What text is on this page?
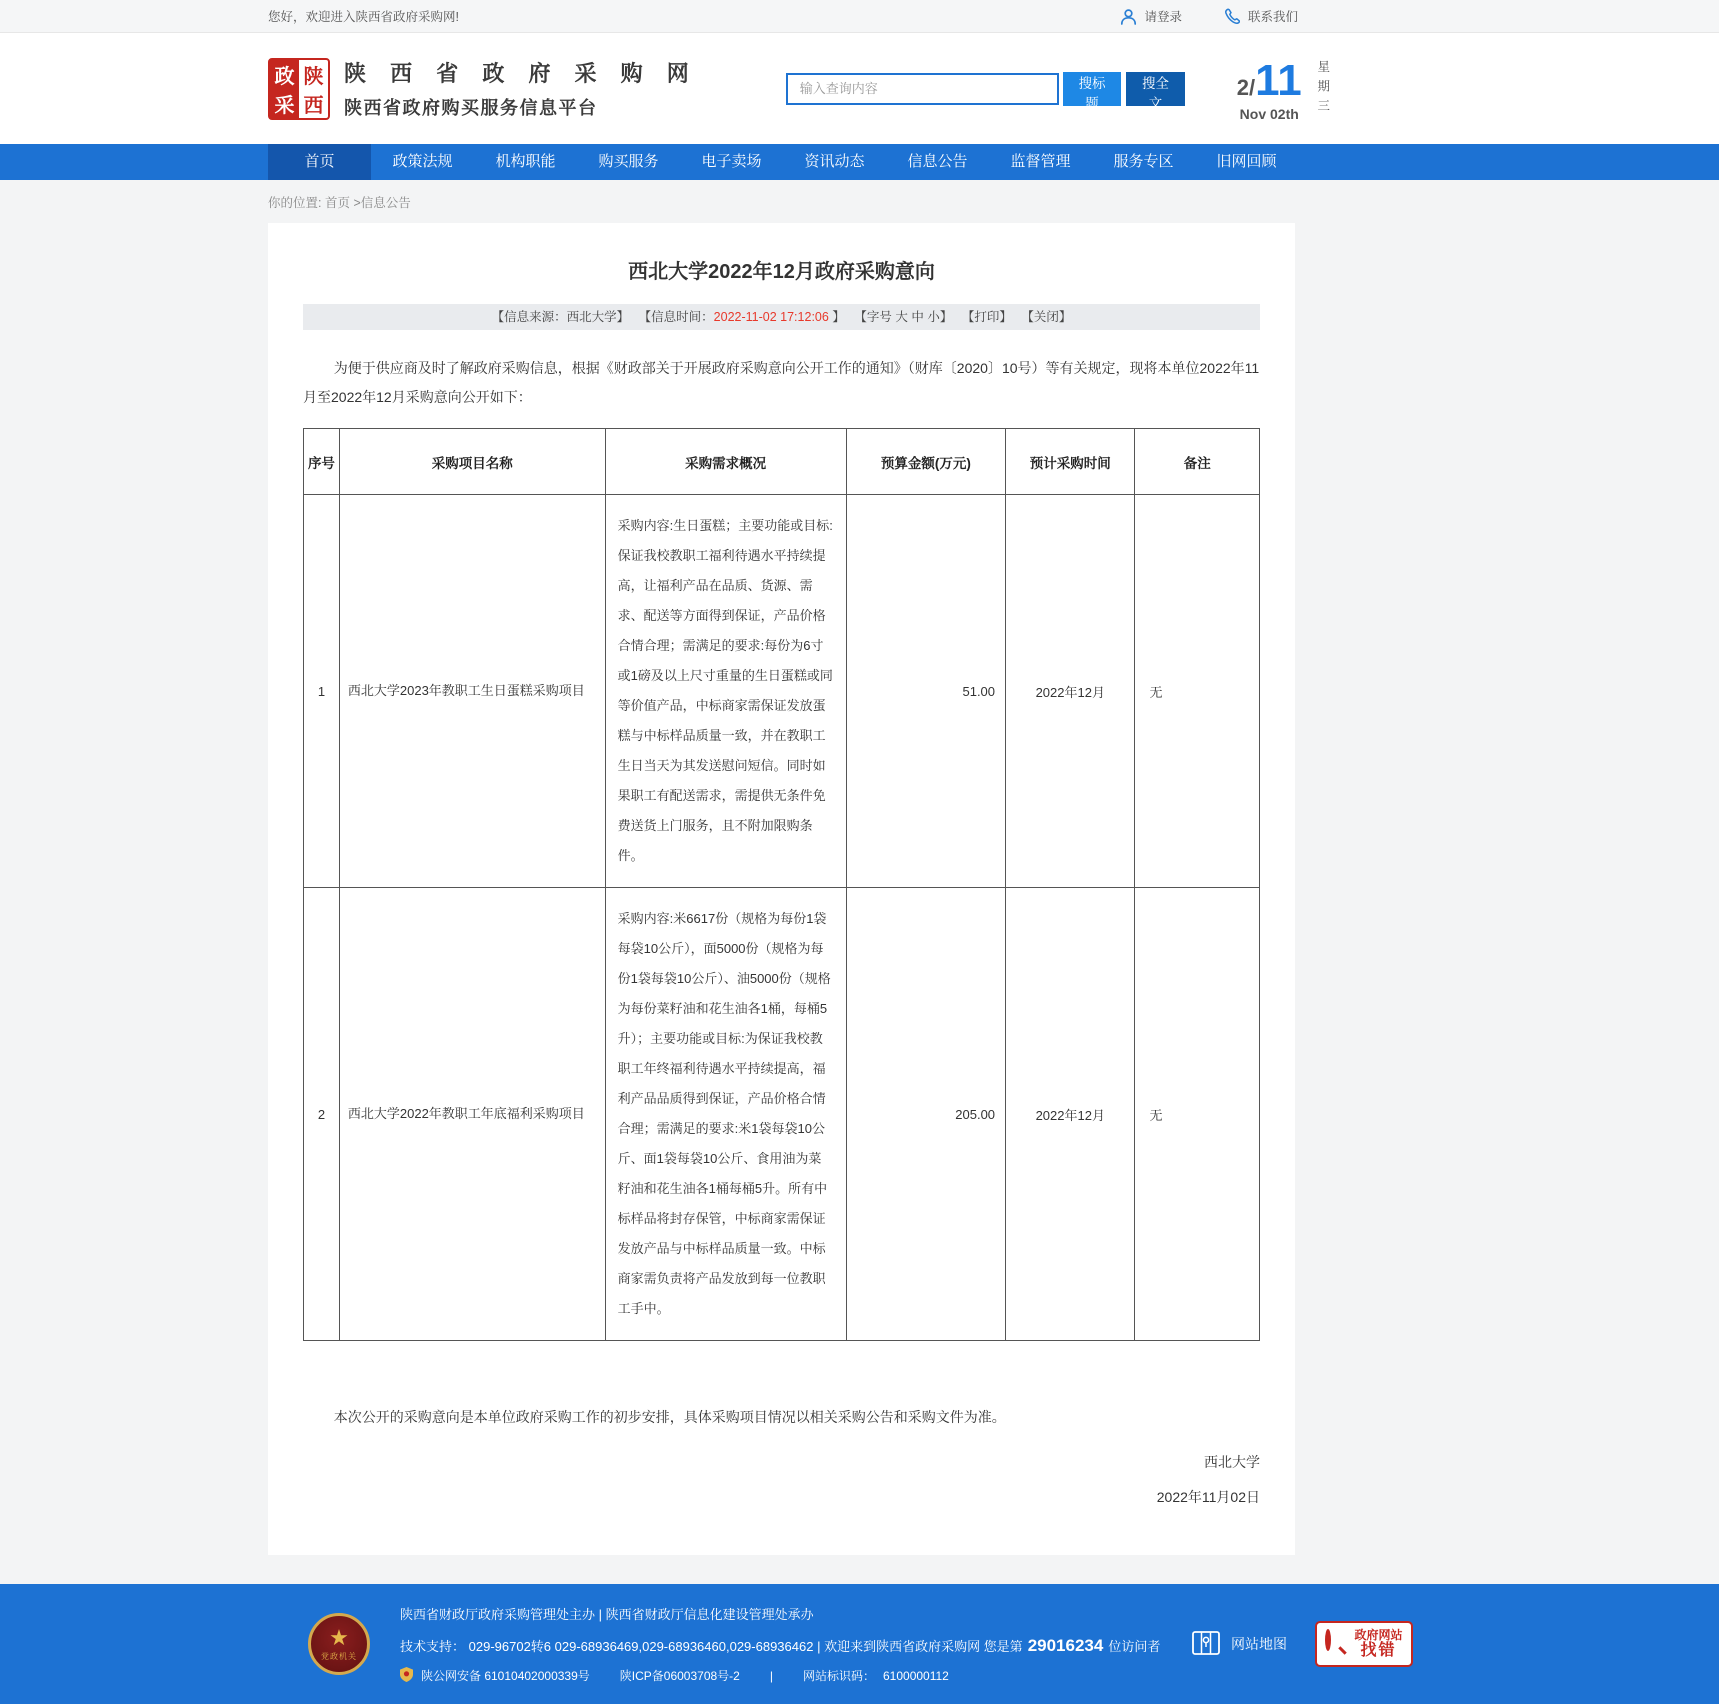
您好，欢迎进入陕西省政府采购网!	请登录	联系我们
政 陕
采 西
陕 西 省 政 府 采 购 网
陕西省政府购买服务信息平台
输入查询内容
搜标题
搜全文
2/11
Nov 02th 星期三
首页	政策法规	机构职能	购买服务	电子卖场	资讯动态	信息公告	监督管理	服务专区	旧网回顾
你的位置: 首页 >信息公告
西北大学2022年12月政府采购意向
【信息来源：西北大学】 【信息时间：2022-11-02 17:12:06 】 【字号 大 中 小】 【打印】 【关闭】

为便于供应商及时了解政府采购信息，根据《财政部关于开展政府采购意向公开工作的通知》（财库〔2020〕10号）等有关规定，现将本单位2022年11月至2022年12月采购意向公开如下：

序号	采购项目名称	采购需求概况	预算金额(万元)	预计采购时间	备注
1	西北大学2023年教职工生日蛋糕采购项目	采购内容:生日蛋糕；主要功能或目标:保证我校教职工福利待遇水平持续提高，让福利产品在品质、货源、需求、配送等方面得到保证，产品价格合情合理；需满足的要求:每份为6寸或1磅及以上尺寸重量的生日蛋糕或同等价值产品，中标商家需保证发放蛋糕与中标样品质量一致，并在教职工生日当天为其发送慰问短信。同时如果职工有配送需求，需提供无条件免费送货上门服务，且不附加限购条件。	51.00	2022年12月	无
2	西北大学2022年教职工年底福利采购项目	采购内容:米6617份（规格为每份1袋每袋10公斤），面5000份（规格为每份1袋每袋10公斤）、油5000份（规格为每份菜籽油和花生油各1桶，每桶5升）；主要功能或目标:为保证我校教职工年终福利待遇水平持续提高，福利产品品质得到保证，产品价格合情合理；需满足的要求:米1袋每袋10公斤、面1袋每袋10公斤、食用油为菜籽油和花生油各1桶每桶5升。所有中标样品将封存保管，中标商家需保证发放产品与中标样品质量一致。中标商家需负责将产品发放到每一位教职工手中。	205.00	2022年12月	无

本次公开的采购意向是本单位政府采购工作的初步安排，具体采购项目情况以相关采购公告和采购文件为准。

西北大学
2022年11月02日
★
党政机关
陕西省财政厅政府采购管理处主办 | 陕西省财政厅信息化建设管理处承办
技术支持：
029-96702转6 029-68936469,029-68936460,029-68936462
| 欢迎来到陕西省政府采购网 您是第 29016234 位访问者
陕公网安备 61010402000339号	陕ICP备06003708号-2	|	网站标识码： 6100000112
网站地图
政府网站
找错
